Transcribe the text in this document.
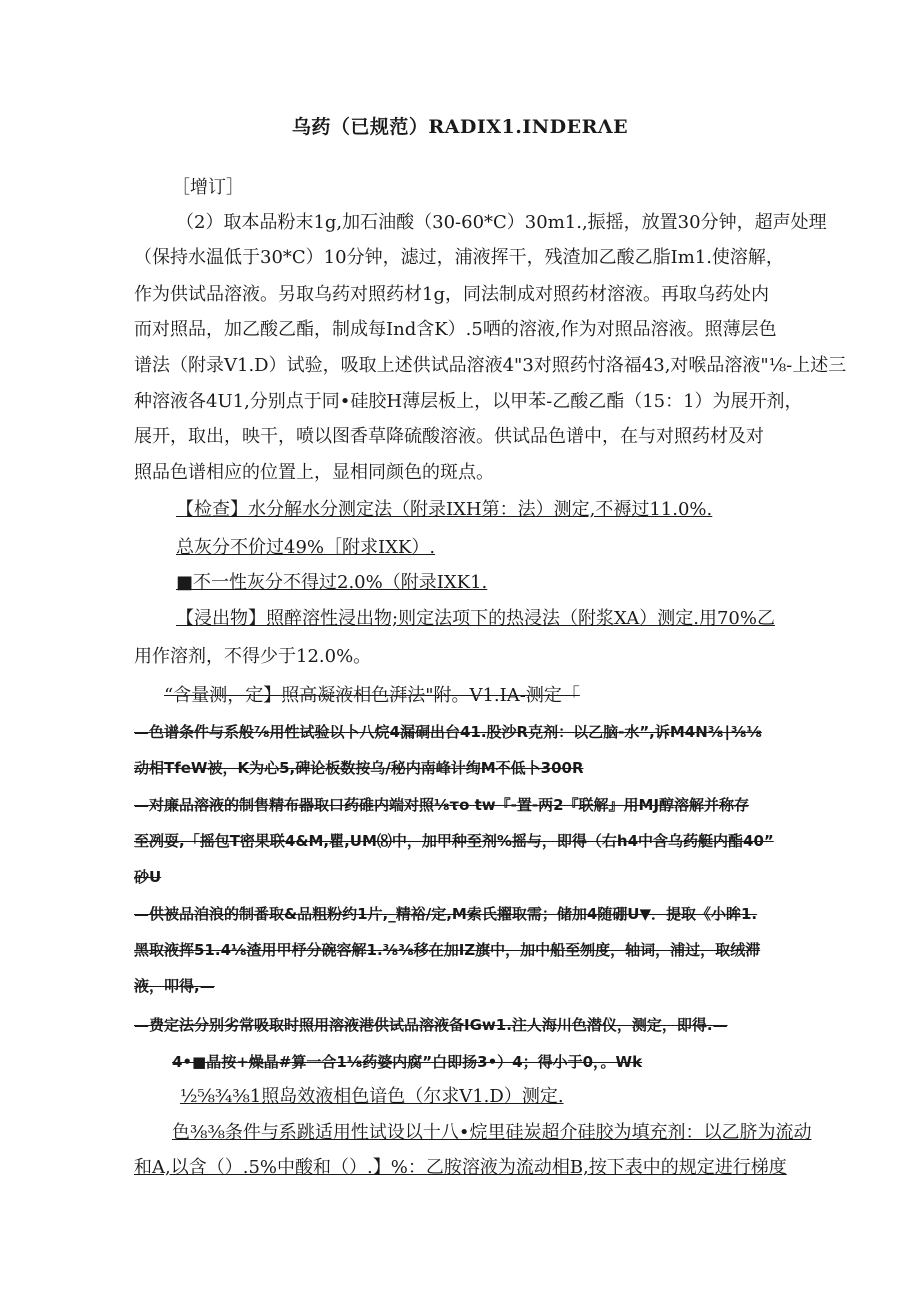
乌药（已规范）RADIX1.INDERΛE
［增订］
（2）取本品粉末1g,加石油酸（30-60*C）30m1.,振摇，放置30分钟，超声处理
（保持水温低于30*C）10分钟，滤过，浦液挥干，残渣加乙酸乙脂Im1.使溶解，
作为供试品溶液。另取乌药对照药材1g，同法制成对照药材溶液。再取乌药处内
而对照品，加乙酸乙酯，制成每Ind含K）.5哂的溶液,作为对照品溶液。照薄层色
谱法（附录V1.D）试验，吸取上述供试品溶液4"3对照药忖洛福43,对喉品溶液"⅛-上述三
种溶液各4U1,分别点于同•硅胶H薄层板上，以甲苯-乙酸乙酯（15：1）为展开剂，
展开，取出，映干，喷以图香草降硫酸溶液。供试品色谱中，在与对照药材及对
照品色谱相应的位置上，显相同颜色的斑点。
【检查】水分解水分测定法（附录IXH第：法）测定,不褥过11.0%.
总灰分不价过49%［附求IXK）.
■不一性灰分不得过2.0%（附录IXK1.
【浸出物】照醉溶性浸出物;则定法项下的热浸法（附浆XA）测定.用70%乙
用作溶剂，不得少于12.0%。
“含量测，定】照高凝液相色湃法"附。V1.IA-测定「
—色谱条件与系般⅞用性试验以卜八烷4漏硐出台41.股沙R克剂：以乙脑-水”,诉M4N⅜∣⅜⅛
动相TfeW被，K为心5,碑论板数按乌/秘内南峰计绚M不低卜300R
—对廉品溶液的制售精布器取口药碓内端对照⅛τo tw『-置-两2『联解』用MJ醇溶解并称存
至冽耍,「摇包T密果联4&M,瞿,UM⑻中，加甲种至剂%摇与，即得（右h4中含乌药艇内酯40”
砂U
—供被品洎浪的制番取&品粗粉约1片,_精裕/定,M索氏擢取需；储加4随硼U▼．提取《小眸1.
黑取液挥51.4⅛渣用甲杼分碗容解1.⅜⅜移在加IZ旗中，加中船至刎度，轴词，浦过，取绒滞
液，叩得,—
—费定法分别劣常吸取时照用溶液港供试品溶液备IGw1.注人海川色潜仪，测定，即得.—
4•■晶按+燥晶#算一合1⅛药婆内腐”白即扬3•）4；得小于0，。Wk
½⅝¾⅜1照岛效液相色谙色（尔求V1.D）测定.
色⅜⅜条件与系跳适用性试设以十八•烷里硅炭超介硅胶为填充剂：以乙脐为流动
和A,以含（）.5%中酸和（）.】%：乙胺溶液为流动相B,按下表中的规定进行梯度
